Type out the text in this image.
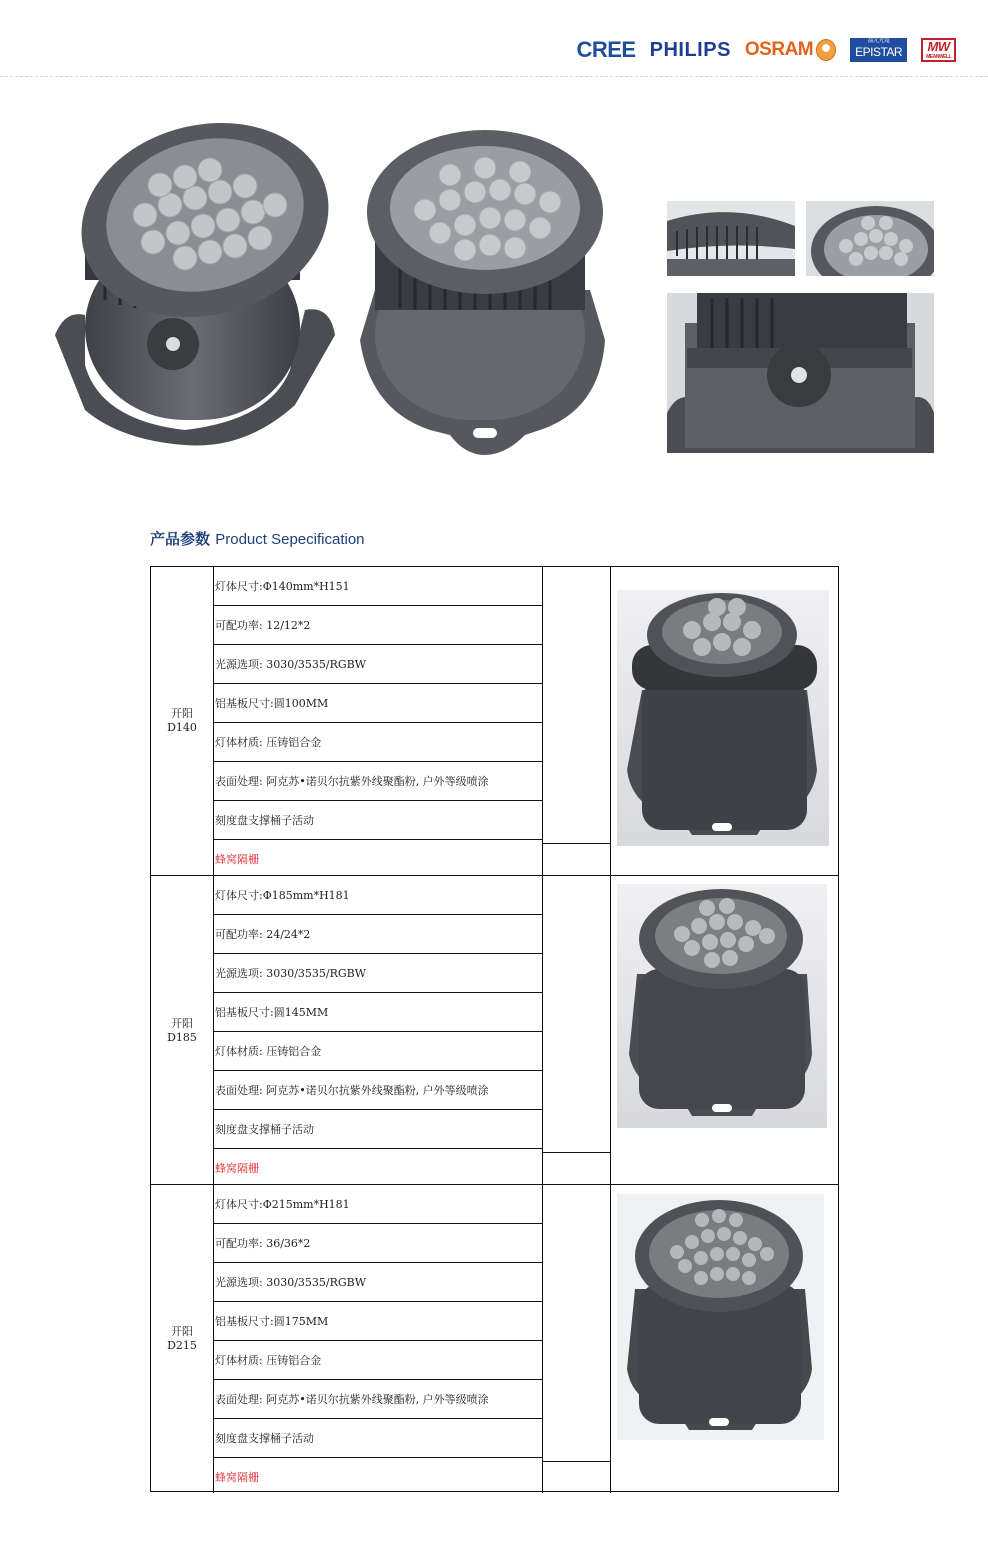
CREE PHILIPS OSRAM	晶元光電
EPISTAR	MW
MEANWELL
产品参数 Product Sepecification
开阳
D140
灯体尺寸:Φ140mm*H151
可配功率: 12/12*2
光源选项: 3030/3535/RGBW
铝基板尺寸:圆100MM
灯体材质: 压铸铝合金
表面处理: 阿克苏•诺贝尔抗紫外线聚酯粉, 户外等级喷涂
刻度盘支撑桶子活动
蜂窝隔栅
开阳
D185
灯体尺寸:Φ185mm*H181
可配功率: 24/24*2
光源选项: 3030/3535/RGBW
铝基板尺寸:圆145MM
灯体材质: 压铸铝合金
表面处理: 阿克苏•诺贝尔抗紫外线聚酯粉, 户外等级喷涂
刻度盘支撑桶子活动
蜂窝隔栅
开阳
D215
灯体尺寸:Φ215mm*H181
可配功率: 36/36*2
光源选项: 3030/3535/RGBW
铝基板尺寸:圆175MM
灯体材质: 压铸铝合金
表面处理: 阿克苏•诺贝尔抗紫外线聚酯粉, 户外等级喷涂
刻度盘支撑桶子活动
蜂窝隔栅
